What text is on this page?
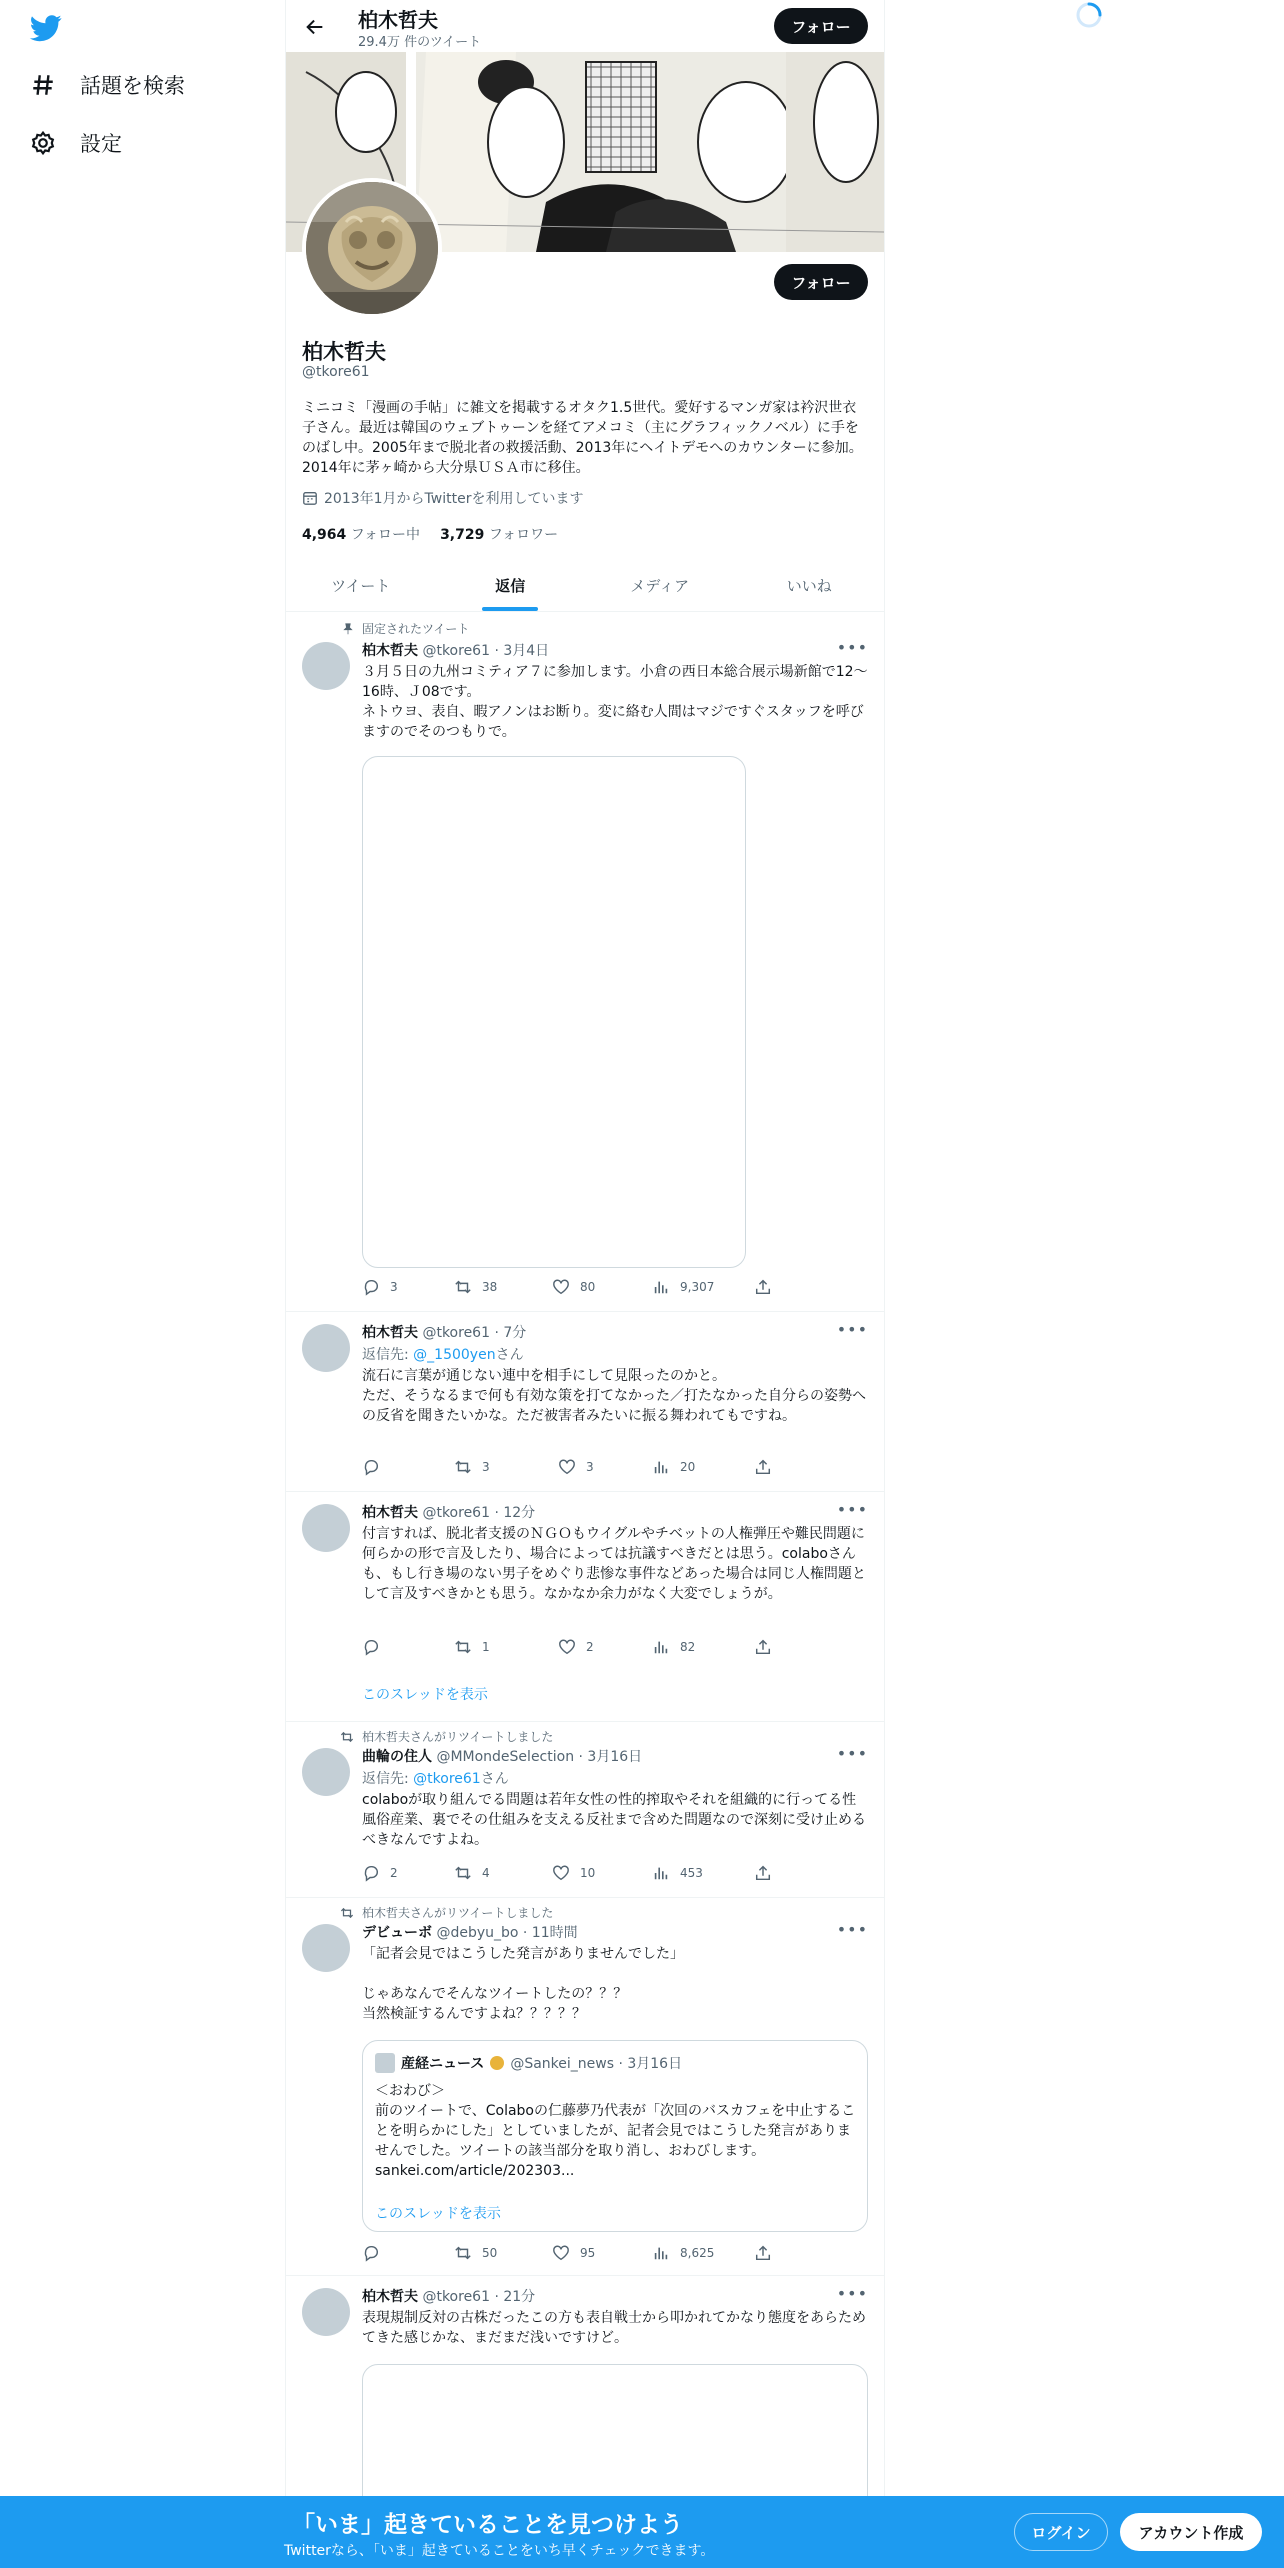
話題を検索
設定
柏木哲夫
29.4万 件のツイート
フォロー
フォロー
柏木哲夫
@tkore61
ミニコミ「漫画の手帖」に雑文を掲載するオタク1.5世代。愛好するマンガ家は衿沢世衣子さん。最近は韓国のウェブトゥーンを経てアメコミ（主にグラフィックノベル）に手をのばし中。2005年まで脱北者の救援活動、2013年にヘイトデモへのカウンターに参加。2014年に茅ヶ崎から大分県ＵＳＡ市に移住。
2013年1月からTwitterを利用しています
4,964 フォロー中 3,729 フォロワー
ツイート	返信	メディア	いいね
固定されたツイート
柏木哲夫 @tkore61 · 3月4日	•••
３月５日の九州コミティア７に参加します。小倉の西日本総合展示場新館で12〜16時、Ｊ08です。
ネトウヨ、表自、暇アノンはお断り。変に絡む人間はマジですぐスタッフを呼びますのでそのつもりで。
3	38	80	9,307
柏木哲夫 @tkore61 · 7分	•••
返信先: @_1500yenさん
流石に言葉が通じない連中を相手にして見限ったのかと。
ただ、そうなるまで何も有効な策を打てなかった／打たなかった自分らの姿勢への反省を聞きたいかな。ただ被害者みたいに振る舞われてもですね。
3	3	20
柏木哲夫 @tkore61 · 12分	•••
付言すれば、脱北者支援のＮＧＯもウイグルやチベットの人権弾圧や難民問題に何らかの形で言及したり、場合によっては抗議すべきだとは思う。colaboさんも、もし行き場のない男子をめぐり悲惨な事件などあった場合は同じ人権問題として言及すべきかとも思う。なかなか余力がなく大変でしょうが。
1	2	82
このスレッドを表示
柏木哲夫さんがリツイートしました
曲輪の住人 @MMondeSelection · 3月16日	•••
返信先: @tkore61さん
colaboが取り組んでる問題は若年女性の性的搾取やそれを組織的に行ってる性風俗産業、裏でその仕組みを支える反社まで含めた問題なので深刻に受け止めるべきなんですよね。
2	4	10	453
柏木哲夫さんがリツイートしました
デビューボ @debyu_bo · 11時間	•••
「記者会見ではこうした発言がありませんでした」

じゃあなんでそんなツイートしたの？？？
当然検証するんですよね？？？？？
産経ニュース @Sankei_news · 3月16日
＜おわび＞
前のツイートで、Colaboの仁藤夢乃代表が「次回のバスカフェを中止することを明らかにした」としていましたが、記者会見ではこうした発言がありませんでした。ツイートの該当部分を取り消し、おわびします。
sankei.com/article/202303...
このスレッドを表示
50	95	8,625
柏木哲夫 @tkore61 · 21分	•••
表現規制反対の古株だったこの方も表自戦士から叩かれてかなり態度をあらためてきた感じかな、まだまだ浅いですけど。
「いま」起きていることを見つけよう
Twitterなら、「いま」起きていることをいち早くチェックできます。
ログイン	アカウント作成
